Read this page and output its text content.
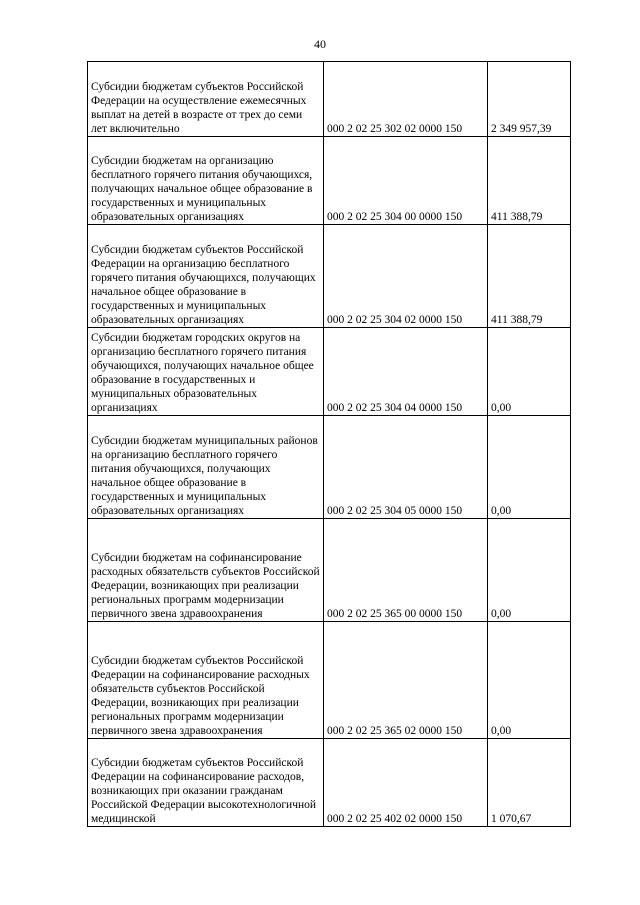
40
Субсидии бюджетам субъектов Российской Федерации на осуществление ежемесячных выплат на детей в возрасте от трех до семи лет включительно	000 2 02 25 302 02 0000 150	2 349 957,39
Субсидии бюджетам на организацию бесплатного горячего питания обучающихся, получающих начальное общее образование в государственных и муниципальных образовательных организациях	000 2 02 25 304 00 0000 150	411 388,79
Субсидии бюджетам субъектов Российской Федерации на организацию бесплатного горячего питания обучающихся, получающих начальное общее образование в государственных и муниципальных образовательных организациях	000 2 02 25 304 02 0000 150	411 388,79
Субсидии бюджетам городских округов на организацию бесплатного горячего питания обучающихся, получающих начальное общее образование в государственных и муниципальных образовательных организациях	000 2 02 25 304 04 0000 150	0,00
Субсидии бюджетам муниципальных районов на организацию бесплатного горячего питания обучающихся, получающих начальное общее образование в государственных и муниципальных образовательных организациях	000 2 02 25 304 05 0000 150	0,00
Субсидии бюджетам на софинансирование расходных обязательств субъектов Российской Федерации, возникающих при реализации региональных программ модернизации первичного звена здравоохранения	000 2 02 25 365 00 0000 150	0,00
Субсидии бюджетам субъектов Российской Федерации на софинансирование расходных обязательств субъектов Российской Федерации, возникающих при реализации региональных программ модернизации первичного звена здравоохранения	000 2 02 25 365 02 0000 150	0,00
Субсидии бюджетам субъектов Российской Федерации на софинансирование расходов, возникающих при оказании гражданам Российской Федерации высокотехнологичной медицинской	000 2 02 25 402 02 0000 150	1 070,67
